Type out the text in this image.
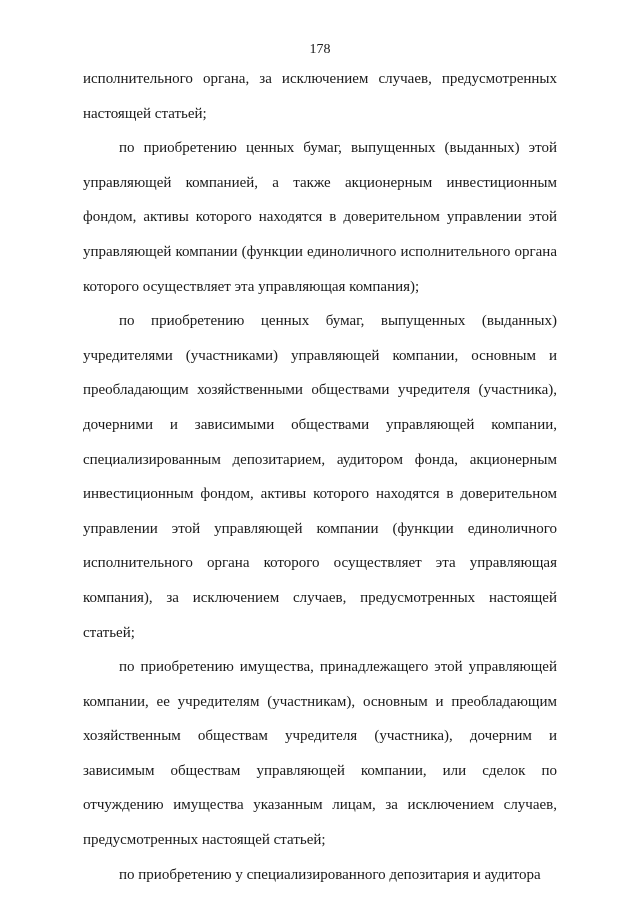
178

исполнительного органа, за исключением случаев, предусмотренных настоящей статьей;

по приобретению ценных бумаг, выпущенных (выданных) этой управляющей компанией, а также акционерным инвестиционным фондом, активы которого находятся в доверительном управлении этой управляющей компании (функции единоличного исполнительного органа которого осуществляет эта управляющая компания);

по приобретению ценных бумаг, выпущенных (выданных) учредителями (участниками) управляющей компании, основным и преобладающим хозяйственными обществами учредителя (участника), дочерними и зависимыми обществами управляющей компании, специализированным депозитарием, аудитором фонда, акционерным инвестиционным фондом, активы которого находятся в доверительном управлении этой управляющей компании (функции единоличного исполнительного органа которого осуществляет эта управляющая компания), за исключением случаев, предусмотренных настоящей статьей;

по приобретению имущества, принадлежащего этой управляющей компании, ее учредителям (участникам), основным и преобладающим хозяйственным обществам учредителя (участника), дочерним и зависимым обществам управляющей компании, или сделок по отчуждению имущества указанным лицам, за исключением случаев, предусмотренных настоящей статьей;

по приобретению у специализированного депозитария и аудитора
